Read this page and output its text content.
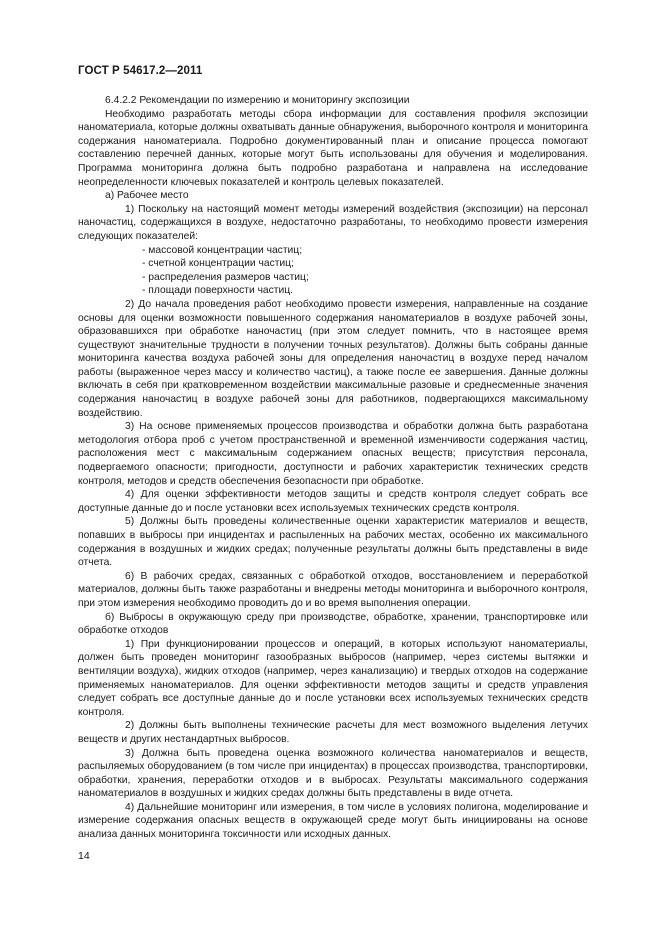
ГОСТ Р 54617.2—2011

6.4.2.2 Рекомендации по измерению и мониторингу экспозиции

Необходимо разработать методы сбора информации для составления профиля экспозиции наноматериала, которые должны охватывать данные обнаружения, выборочного контроля и мониторинга содержания наноматериала. Подробно документированный план и описание процесса помогают составлению перечней данных, которые могут быть использованы для обучения и моделирования. Программа мониторинга должна быть подробно разработана и направлена на исследование неопределенности ключевых показателей и контроль целевых показателей.

а) Рабочее место

1) Поскольку на настоящий момент методы измерений воздействия (экспозиции) на персонал наночастиц, содержащихся в воздухе, недостаточно разработаны, то необходимо провести измерения следующих показателей:

- массовой концентрации частиц;

- счетной концентрации частиц;

- распределения размеров частиц;

- площади поверхности частиц.

2) До начала проведения работ необходимо провести измерения, направленные на создание основы для оценки возможности повышенного содержания наноматериалов в воздухе рабочей зоны, образовавшихся при обработке наночастиц (при этом следует помнить, что в настоящее время существуют значительные трудности в получении точных результатов). Должны быть собраны данные мониторинга качества воздуха рабочей зоны для определения наночастиц в воздухе перед началом работы (выраженное через массу и количество частиц), а также после ее завершения. Данные должны включать в себя при кратковременном воздействии максимальные разовые и среднесменные значения содержания наночастиц в воздухе рабочей зоны для работников, подвергающихся максимальному воздействию.

3) На основе применяемых процессов производства и обработки должна быть разработана методология отбора проб с учетом пространственной и временной изменчивости содержания частиц, расположения мест с максимальным содержанием опасных веществ; присутствия персонала, подвергаемого опасности; пригодности, доступности и рабочих характеристик технических средств контроля, методов и средств обеспечения безопасности при обработке.

4) Для оценки эффективности методов защиты и средств контроля следует собрать все доступные данные до и после установки всех используемых технических средств контроля.

5) Должны быть проведены количественные оценки характеристик материалов и веществ, попавших в выбросы при инцидентах и распыленных на рабочих местах, особенно их максимального содержания в воздушных и жидких средах; полученные результаты должны быть представлены в виде отчета.

6) В рабочих средах, связанных с обработкой отходов, восстановлением и переработкой материалов, должны быть также разработаны и внедрены методы мониторинга и выборочного контроля, при этом измерения необходимо проводить до и во время выполнения операции.

б) Выбросы в окружающую среду при производстве, обработке, хранении, транспортировке или обработке отходов

1) При функционировании процессов и операций, в которых используют наноматериалы, должен быть проведен мониторинг газообразных выбросов (например, через системы вытяжки и вентиляции воздуха), жидких отходов (например, через канализацию) и твердых отходов на содержание применяемых наноматериалов. Для оценки эффективности методов защиты и средств управления следует собрать все доступные данные до и после установки всех используемых технических средств контроля.

2) Должны быть выполнены технические расчеты для мест возможного выделения летучих веществ и других нестандартных выбросов.

3) Должна быть проведена оценка возможного количества наноматериалов и веществ, распыляемых оборудованием (в том числе при инцидентах) в процессах производства, транспортировки, обработки, хранения, переработки отходов и в выбросах. Результаты максимального содержания наноматериалов в воздушных и жидких средах должны быть представлены в виде отчета.

4) Дальнейшие мониторинг или измерения, в том числе в условиях полигона, моделирование и измерение содержания опасных веществ в окружающей среде могут быть инициированы на основе анализа данных мониторинга токсичности или исходных данных.

14
